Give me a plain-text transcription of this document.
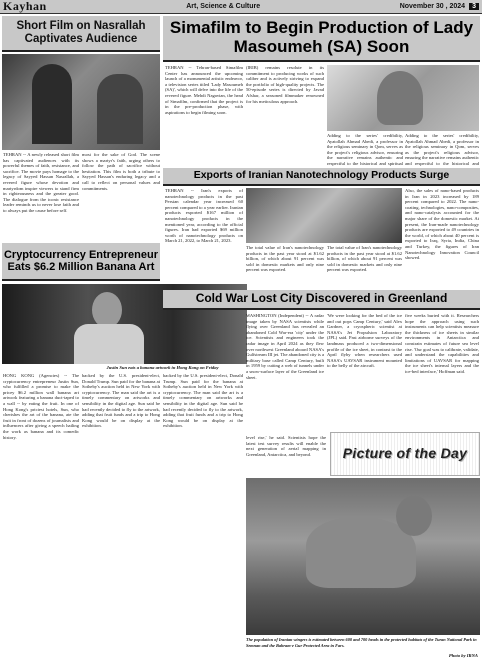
Kayhan	Art, Science & Culture	November 30 , 2024 3
Short Film on Nasrallah Captivates Audience
TEHRAN -- A newly released short film has captivated audiences with its powerful themes of faith, resistance, and sacrifice. The movie pays homage to the legacy of Sayyed Hassan Nasrallah, a revered figure whose devotion and martyrdom inspire viewers to stand firm in righteousness and the greater good. The dialogue from the iconic resistance leader reminds us to never lose faith and to always put the cause before self.
most for the sake of God. The scene shows a martyr's faith, urging others to follow the path of sacrifice without hesitation. This film is both a tribute to Sayyed Hassan's enduring legacy and a call to reflect on personal values and commitments.
Cryptocurrency Entrepreneur Eats $6.2 Million Banana Art
Justin Sun eats a banana artwork in Hong Kong on Friday
HONG KONG (Agencies) -- The cryptocurrency entrepreneur Justin Sun, who fulfilled a promise to make the pricey $6.2 million wall banana art artwork featuring a banana duct-taped to a wall -- by eating the fruit. In one of Hong Kong's priciest hotels, Sun, who cherishes the art of the banana, ate the fruit in front of dozens of journalists and influencers after giving a speech hailing the work as banana and its comedic history.
backed by the U.S. president-elect, Donald Trump. Sun paid for the banana at Sotheby's auction held in New York with cryptocurrency. The man said the art is a timely commentary on artworks and sensibility in the digital age. Sun said he had recently decided to fly to the artwork, adding that fruit funds and a trip to Hong Kong would be on display at the exhibition.
backed by the U.S. president-elect, Donald Trump. Sun paid for the banana at Sotheby's auction held in New York with cryptocurrency. The man said the art is a timely commentary on artworks and sensibility in the digital age. Sun said he had recently decided to fly to the artwork, adding that fruit funds and a trip to Hong Kong would be on display at the exhibition.
Simafilm to Begin Production of Lady Masoumeh (SA) Soon
TEHRAN -- Tehran-based Simafilm Center has announced the upcoming launch of a monumental artistic endeavor, a television series titled 'Lady Masoumeh (SA)', which will delve into the life of the revered figure. Mehdi Nagavian, the head of Simafilm, confirmed that the project is in the pre-production phase, with aspirations to begin filming soon.
(IRIB) remains resolute in its commitment to producing works of such caliber and is actively striving to expand the portfolio of high-quality projects. The 50-episode series is directed by Javad Afshar, a seasoned filmmaker renowned for his meticulous approach.
Adding to the series' credibility, Ayatollah Ahmad Abedi, a professor in the religious seminary in Qom, serves as the project's religious advisor, ensuring the narrative remains authentic and respectful to the historical and spiritual
Adding to the series' credibility, Ayatollah Ahmad Abedi, a professor in the religious seminary in Qom, serves as the project's religious advisor, ensuring the narrative remains authentic and respectful to the historical and
Exports of Iranian Nanotechnology Products Surge
TEHRAN -- Iran's exports of nanotechnology products in the past Persian calendar year increased 60 percent compared to a year earlier. Iranian products exported $167 million of nanotechnology products in the mentioned year, according to the official figures. Iran had exported $69 million worth of nanotechnology products on March 21, 2022, to March 21, 2023.
The total value of Iran's nanotechnology products in the past year stood at $1.62 billion, of which about 91 percent was sold in domestic markets and only nine percent was exported.
The total value of Iran's nanotechnology products in the past year stood at $1.62 billion, of which about 91 percent was sold in domestic markets and only nine percent was exported.
Also, the sales of nano-based products in Iran in 2023 increased by 189 percent compared to 2022. The nano-coating, technologies, nano-composites, and nano-catalysts accounted for the major share of the domestic market. At present, the Iran-made nanotechnology products are exported to 49 countries in the world, of which about 40 percent is exported to Iraq, Syria, India, China and Turkey, the figures of Iran Nanotechnology Innovation Council showed.
Cold War Lost City Discovered in Greenland
WASHINGTON (Independent) -- A radar image taken by NASA scientists while flying over Greenland has revealed an abandoned Cold War-era 'city' under the ice. Scientists and engineers took the radar image in April 2024 as they flew over northwest Greenland aboard NASA's Gulfstream III jet. The abandoned city is a military base called Camp Century, built in 1959 by cutting a web of tunnels under a snow-surface layer of the Greenland ice sheet.
'We were looking for the bed of the ice and out pops Camp Century,' said Alex Gardner, a cryospheric scientist at NASA's Jet Propulsion Laboratory (JPL) said. Past airborne surveys of the landmass produced a two-dimensional profile of the ice sheet, in contrast to the April flyby when researchers used NASA's UAVSAR instrument mounted to the belly of the aircraft.
five weeks buried with it. Researchers hope the approach using such instruments can help scientists measure the thickness of ice sheets in similar environments in Antarctica and constrain estimates of future sea level rise. 'Our goal was to calibrate, validate, and understand the capabilities and limitations of UAVSAR for mapping the ice sheet's internal layers and the ice-bed interface,' Hoffman said.
Picture of the Day
level rise,' he said. Scientists hope the latest test survey results will enable the next generation of aerial mapping in Greenland, Antarctica, and beyond.
The population of Iranian wingers is estimated between 600 and 700 heads in the protected habitats of the Turan National Park in Semnan and the Bahram-e Gur Protected Area in Fars.
Photo by IRNA
